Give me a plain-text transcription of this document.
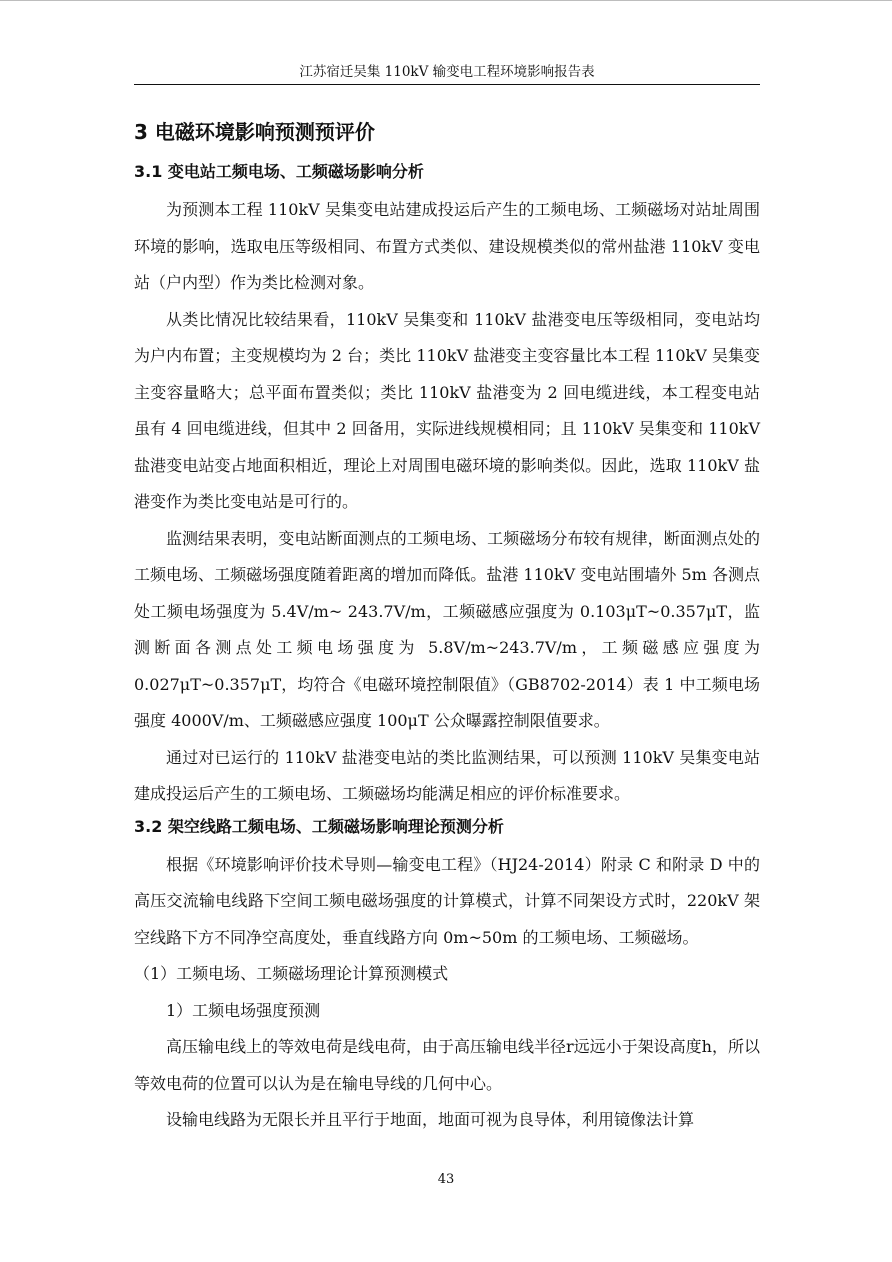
江苏宿迁吴集 110kV 输变电工程环境影响报告表
3 电磁环境影响预测预评价
3.1 变电站工频电场、工频磁场影响分析

为预测本工程 110kV 吴集变电站建成投运后产生的工频电场、工频磁场对站址周围环境的影响，选取电压等级相同、布置方式类似、建设规模类似的常州盐港 110kV 变电站（户内型）作为类比检测对象。

从类比情况比较结果看，110kV 吴集变和 110kV 盐港变电压等级相同，变电站均为户内布置；主变规模均为 2 台；类比 110kV 盐港变主变容量比本工程 110kV 吴集变主变容量略大；总平面布置类似；类比 110kV 盐港变为 2 回电缆进线，本工程变电站虽有 4 回电缆进线，但其中 2 回备用，实际进线规模相同；且 110kV 吴集变和 110kV 盐港变电站变占地面积相近，理论上对周围电磁环境的影响类似。因此，选取 110kV 盐港变作为类比变电站是可行的。

监测结果表明，变电站断面测点的工频电场、工频磁场分布较有规律，断面测点处的工频电场、工频磁场强度随着距离的增加而降低。盐港 110kV 变电站围墙外 5m 各测点处工频电场强度为 5.4V/m~ 243.7V/m，工频磁感应强度为 0.103μT~0.357μT，监测断面各测点处工频电场强度为 5.8V/m~243.7V/m，工频磁感应强度为 0.027μT~0.357μT，均符合《电磁环境控制限值》（GB8702-2014）表 1 中工频电场强度 4000V/m、工频磁感应强度 100μT 公众曝露控制限值要求。

通过对已运行的 110kV 盐港变电站的类比监测结果，可以预测 110kV 吴集变电站建成投运后产生的工频电场、工频磁场均能满足相应的评价标准要求。

3.2 架空线路工频电场、工频磁场影响理论预测分析

根据《环境影响评价技术导则—输变电工程》（HJ24-2014）附录 C 和附录 D 中的高压交流输电线路下空间工频电磁场强度的计算模式，计算不同架设方式时，220kV 架空线路下方不同净空高度处，垂直线路方向 0m~50m 的工频电场、工频磁场。

（1）工频电场、工频磁场理论计算预测模式

1）工频电场强度预测

高压输电线上的等效电荷是线电荷，由于高压输电线半径r远远小于架设高度h，所以等效电荷的位置可以认为是在输电导线的几何中心。

设输电线路为无限长并且平行于地面，地面可视为良导体，利用镜像法计算

43
